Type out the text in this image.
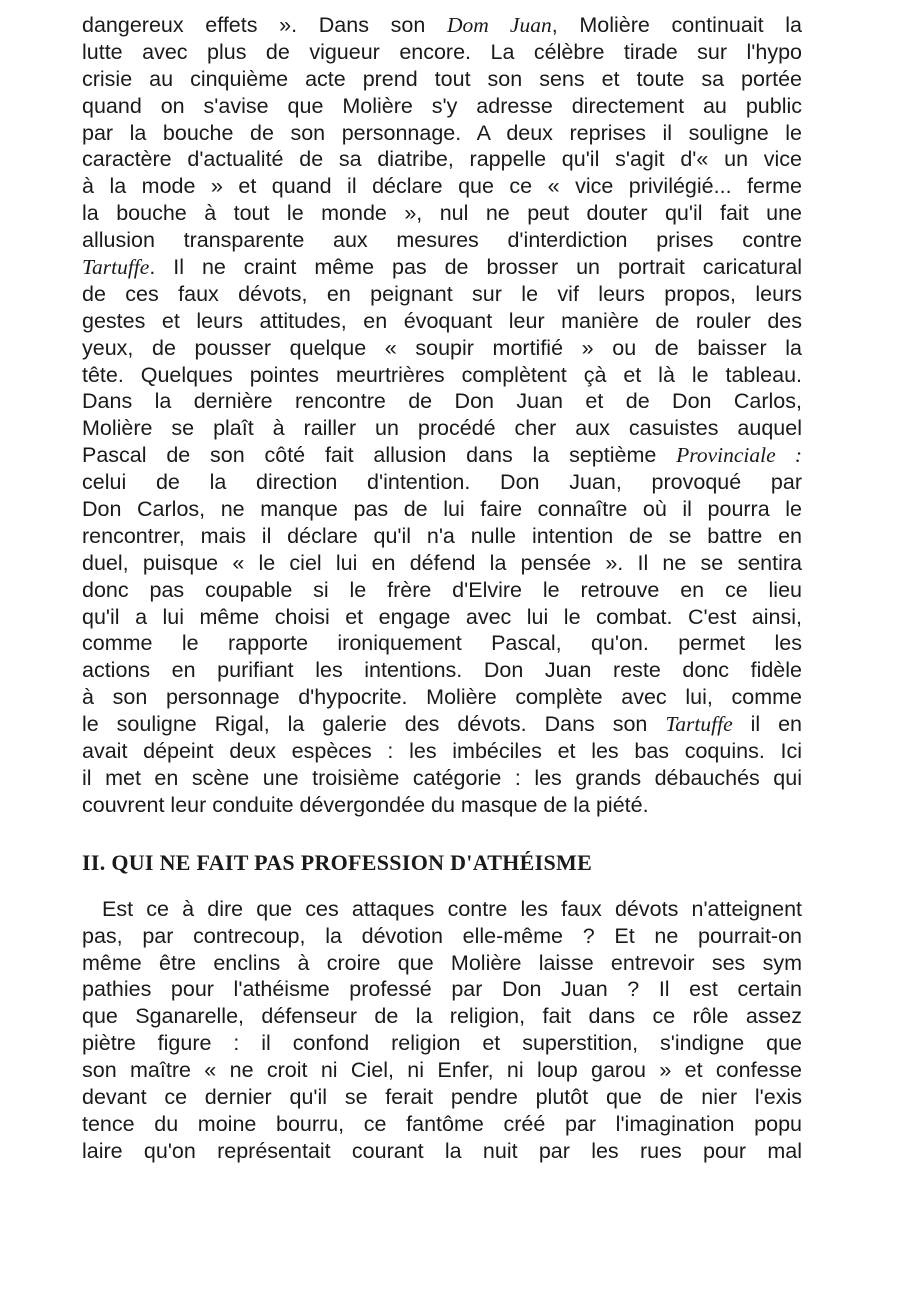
dangereux effets ». Dans son Dom Juan, Molière continuait la
lutte avec plus de vigueur encore. La célèbre tirade sur l'hypo
crisie au cinquième acte prend tout son sens et toute sa portée
quand on s'avise que Molière s'y adresse directement au public
par la bouche de son personnage. A deux reprises il souligne le
caractère d'actualité de sa diatribe, rappelle qu'il s'agit d'« un vice
à la mode » et quand il déclare que ce « vice privilégié... ferme
la bouche à tout le monde », nul ne peut douter qu'il fait une
allusion transparente aux mesures d'interdiction prises contre
Tartuffe. Il ne craint même pas de brosser un portrait caricatural
de ces faux dévots, en peignant sur le vif leurs propos, leurs
gestes et leurs attitudes, en évoquant leur manière de rouler des
yeux, de pousser quelque « soupir mortifié » ou de baisser la
tête. Quelques pointes meurtrières complètent çà et là le tableau.
Dans la dernière rencontre de Don Juan et de Don Carlos,
Molière se plaît à railler un procédé cher aux casuistes auquel
Pascal de son côté fait allusion dans la septième Provinciale :
celui de la direction d'intention. Don Juan, provoqué par
Don Carlos, ne manque pas de lui faire connaître où il pourra le
rencontrer, mais il déclare qu'il n'a nulle intention de se battre en
duel, puisque « le ciel lui en défend la pensée ». Il ne se sentira
donc pas coupable si le frère d'Elvire le retrouve en ce lieu
qu'il a lui même choisi et engage avec lui le combat. C'est ainsi,
comme le rapporte ironiquement Pascal, qu'on. permet les
actions en purifiant les intentions. Don Juan reste donc fidèle
à son personnage d'hypocrite. Molière complète avec lui, comme
le souligne Rigal, la galerie des dévots. Dans son Tartuffe il en
avait dépeint deux espèces : les imbéciles et les bas coquins. Ici
il met en scène une troisième catégorie : les grands débauchés qui
couvrent leur conduite dévergondée du masque de la piété.
II. QUI NE FAIT PAS PROFESSION D'ATHÉISME
Est ce à dire que ces attaques contre les faux dévots n'atteignent
pas, par contrecoup, la dévotion elle-même ? Et ne pourrait-on
même être enclins à croire que Molière laisse entrevoir ses sym
pathies pour l'athéisme professé par Don Juan ? Il est certain
que Sganarelle, défenseur de la religion, fait dans ce rôle assez
piètre figure : il confond religion et superstition, s'indigne que
son maître « ne croit ni Ciel, ni Enfer, ni loup garou » et confesse
devant ce dernier qu'il se ferait pendre plutôt que de nier l'exis
tence du moine bourru, ce fantôme créé par l'imagination popu
laire qu'on représentait courant la nuit par les rues pour mal
